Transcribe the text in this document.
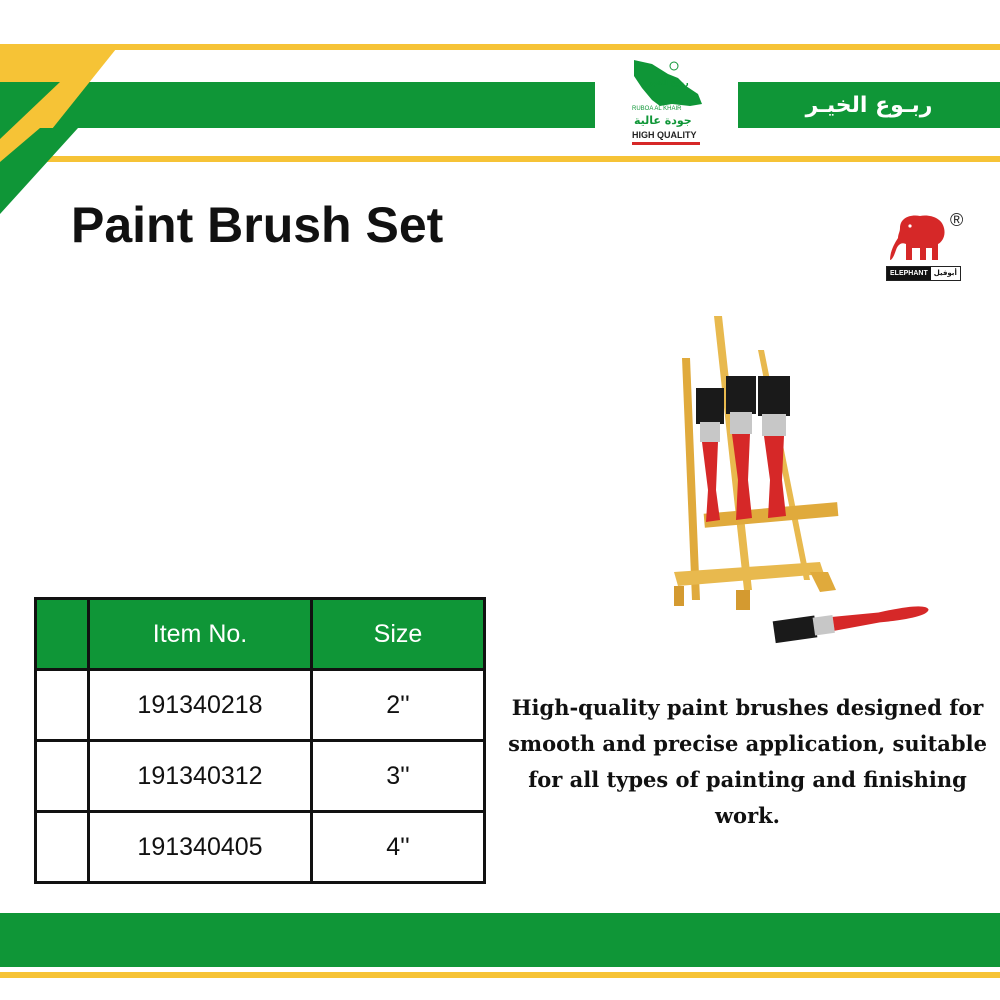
ربـوع الخيـر
ربوع الخير
RUBOA AL KHAIR
جودة عالية
HIGH QUALITY
Paint Brush Set	®
ELEPHANT أبوفيل
	Item No.	Size
	191340218	2''
	191340312	3''
	191340405	4''
High-quality paint brushes designed for smooth and precise application, suitable for all types of painting and finishing work.
